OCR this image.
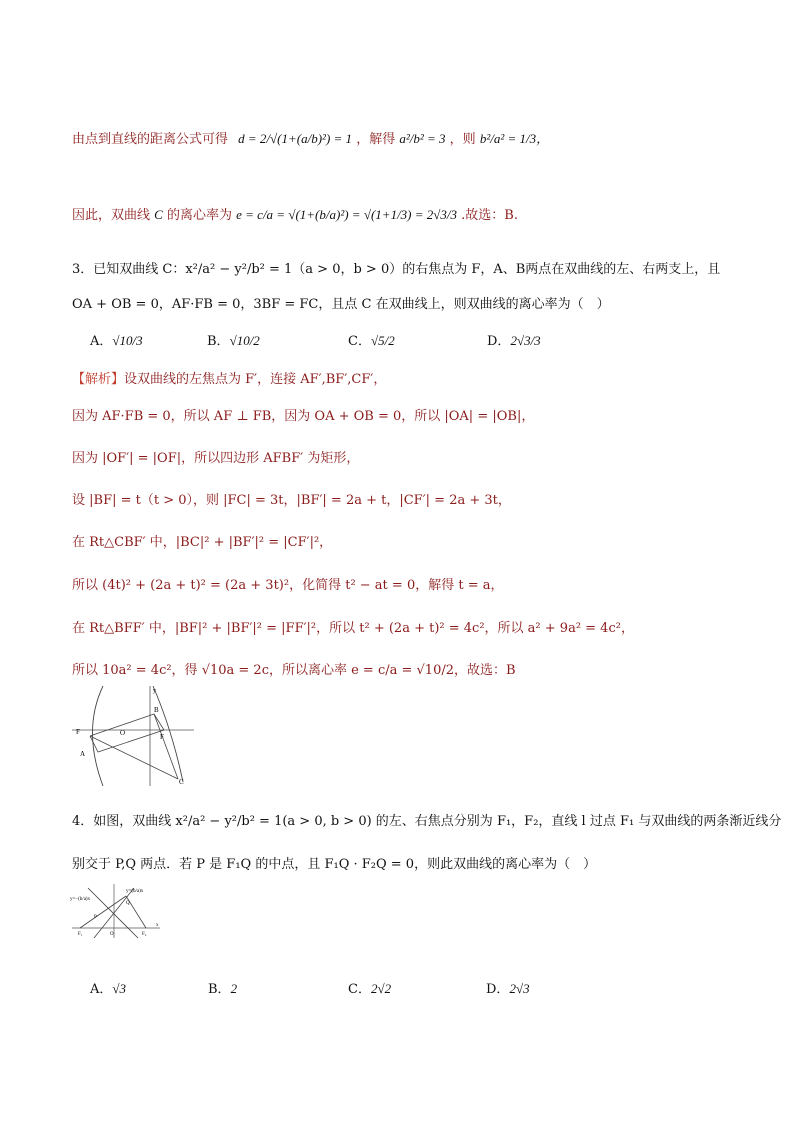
由点到直线的距离公式可得 d = 2/√(1+(a/b)²) = 1 ，解得 a²/b² = 3 ，则 b²/a² = 1/3，
因此，双曲线 C 的离心率为 e = c/a = √(1+(b/a)²) = √(1+1/3) = 2√3/3 .故选：B.
3．已知双曲线 C：x²/a² − y²/b² = 1（a > 0，b > 0）的右焦点为 F，A、B两点在双曲线的左、右两支上，且
OA + OB = 0，AF·FB = 0，3BF = FC，且点 C 在双曲线上，则双曲线的离心率为（　）
A．√10/3	B．√10/2	C．√5/2	D．2√3/3
【解析】设双曲线的左焦点为 F′，连接 AF′,BF′,CF′，
因为 AF·FB = 0，所以 AF ⊥ FB，因为 OA + OB = 0，所以 |OA| = |OB|，
因为 |OF′| = |OF|，所以四边形 AFBF′ 为矩形，
设 |BF| = t（t > 0），则 |FC| = 3t，|BF′| = 2a + t，|CF′| = 2a + 3t，
在 Rt△CBF′ 中，|BC|² + |BF′|² = |CF′|²，
所以 (4t)² + (2a + t)² = (2a + 3t)²，化简得 t² − at = 0，解得 t = a，
在 Rt△BFF′ 中，|BF|² + |BF′|² = |FF′|²，所以 t² + (2a + t)² = 4c²，所以 a² + 9a² = 4c²，
所以 10a² = 4c²，得 √10a = 2c，所以离心率 e = c/a = √10/2，故选：B
F
A
O
B
F
C
y
4．如图，双曲线 x²/a² − y²/b² = 1(a > 0, b > 0) 的左、右焦点分别为 F₁，F₂，直线 l 过点 F₁ 与双曲线的两条渐近线分
别交于 P,Q 两点．若 P 是 F₁Q 的中点，且 F₁Q · F₂Q = 0，则此双曲线的离心率为（　）
y=−(b/a)x
y=(b/a)x
P
Q
F₁	O	F₂
x
A．√3	B．2	C．2√2	D．2√3
